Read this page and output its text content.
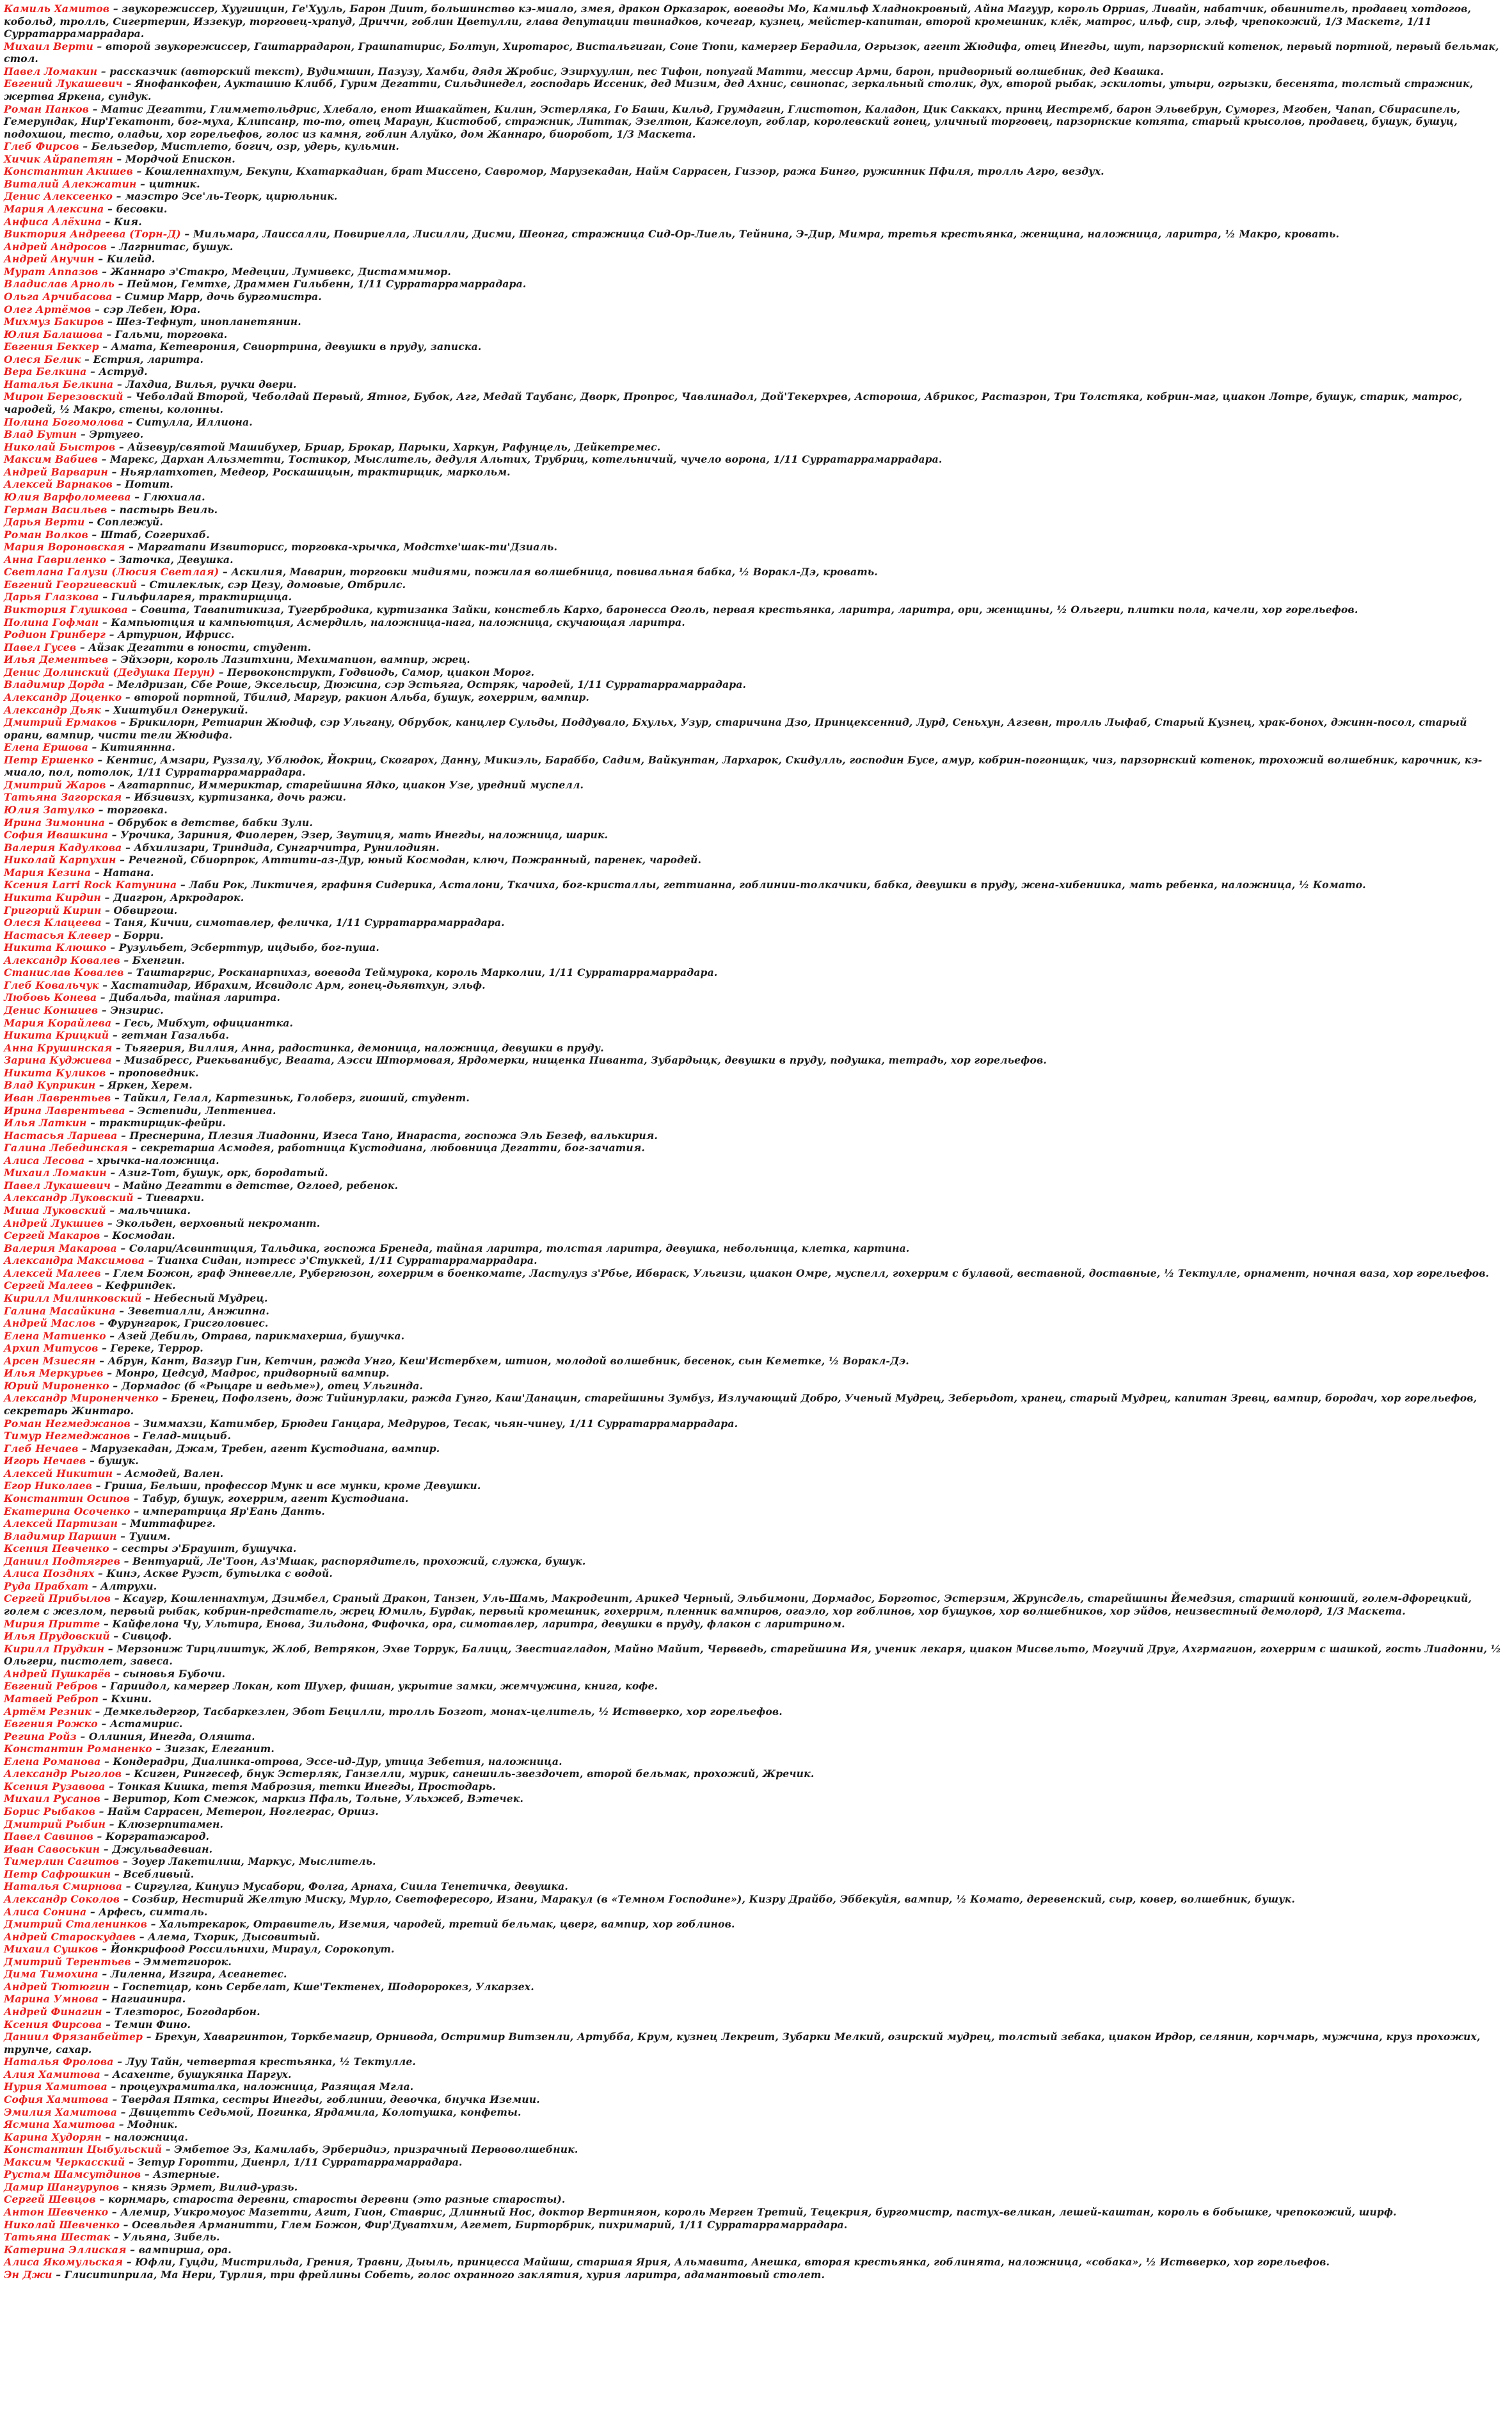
Камиль Хамитов – звукорежиссер, Хуугиицин, Ге'Хууль, Барон Диит, большинство кэ-миало, змея, дракон Орказарок, воеводы Мо, Камильф Хладнокровный, Айна Магуур, король Орриаs, Ливайн, набатчик, обвинитель, продавец хотдогов, кобольд, тролль, Сигертерин, Иззекур, торговец-храпуд, Дриччн, гоблин Цветулли, глава депутации твинадков, кочегар, кузнец, мейстер-капитан, второй кромешник, клёк, матрос, ильф, сир, эльф, чрепокожий, 1/3 Маскетг, 1/11 Сурратаррамаррадара.

Михаил Верти – второй звукорежиссер, Гаштаррадарон, Грашпатирис, Болтун, Хиротарос, Вистальгиган, Соне Тюпи, камергер Берадила, Огрызок, агент Жюдифа, отец Инегды, шут, парзорнский котенок, первый портной, первый бельмак, стол.

Павел Ломакин – рассказчик (авторский текст), Вудимшин, Пазузу, Хамби, дядя Жробис, Эзирхуулин, пес Тифон, попугай Матти, мессир Арми, барон, придворный волшебник, дед Квашка.

Евгений Лукашевич – Янофанкофен, Аукташию Клибб, Гурим Дегатти, Сильдинедел, господарь Иссеник, дед Мизим, дед Ахнис, свинопас, зеркальный столик, дух, второй рыбак, эскилоты, утыри, огрызки, бесенята, толстый стражник, жертва Яркена, сундук.

Роман Панков – Матис Дегатти, Глимметольдрис, Хлебало, енот Ишакайтен, Килин, Эстерляка, Го Баши, Кильд, Грумдагин, Глистотон, Каладон, Цик Саккакх, принц Иестремб, барон Эльвебрун, Суморез, Мгобен, Чапап, Сбирасипель, Гемерундак, Нир'Гекатонт, бог-муха, Клипсанр, то-то, отец Мараун, Кистобоб, стражник, Литтак, Эзелтон, Кажелоуп, гоблар, королевский гонец, уличный торговец, парзорнские котята, старый крысолов, продавец, бушук, бушуц, подохшои, тесто, оладьи, хор горельефов, голос из камня, гоблин Алуйко, дом Жаннаро, биоробот, 1/3 Маскета.

Глеб Фирсов – Бельзедор, Мистлето, богич, озр, удерь, кульмин.

Хичик Айрапетян – Мордчой Епискон.

Константин Акишев – Кошленнахтум, Бекупи, Кхатаркадиан, брат Миссено, Савромор, Марузекадан, Найм Саррасен, Гизэор, ража Бинго, ружинник Пфиля, тролль Агро, вездух.

Виталий Алекжатин – цитник.

Денис Алексеенко – маэстро Эсе'ль-Теорк, цирюльник.

Мария Алексина – бесовки.

Анфиса Алёхина – Кия.

Виктория Андреева (Торн-Д) – Мильмара, Лаиссалли, Повириелла, Лисилли, Дисми, Шеонга, стражница Сид-Ор-Лиель, Тейнина, Э-Дир, Мимра, третья крестьянка, женщина, наложница, ларитра, ½ Макро, кровать.

Андрей Андросов – Лагрнитас, бушук.

Андрей Анучин – Килейд.

Мурат Аппазов – Жаннаро э'Стакро, Медеции, Лумивекс, Дистаммимор.

Владислав Арноль – Пеймон, Гемтхе, Драммен Гильбенн, 1/11 Сурратаррамаррадара.

Ольга Арчибасова – Симир Марр, дочь бургомистра.

Олег Артёмов – сэр Лебен, Юра.

Михмуз Бакиров – Шез-Тефнут, инопланетянин.

Юлия Балашова – Гальми, торговка.

Евгения Беккер – Амата, Кетеврония, Свиортрина, девушки в пруду, записка.

Олеся Белик – Естрия, ларитра.

Вера Белкина – Аструд.

Наталья Белкина – Лахдиа, Вилья, ручки двери.

Мирон Березовский – Чеболдай Второй, Чеболдай Первый, Ятног, Бубок, Агг, Медай Таубанс, Дворк, Пропрос, Чавлинадол, Дой'Текерхрев, Астороша, Абрикос, Растазрон, Три Толстяка, кобрин-маг, циакон Лотре, бушук, старик, матрос, чародей, ½ Макро, стены, колонны.

Полина Богомолова – Ситулла, Иллиона.

Влад Бутин – Эртугео.

Николай Быстров – Айзевур/святой Машибухер, Бриар, Брокар, Парыки, Харкун, Рафунцель, Дейкетремес.

Максим Вабиев – Марекс, Дархан Альзметти, Тостикор, Мыслитель, дедуля Альтих, Трубриц, котельничий, чучело ворона, 1/11 Сурратаррамаррадара.

Андрей Варварин – Ньярлатхотеп, Медеор, Роскашицын, трактирщик, маркольм.

Алексей Варнаков – Потит.

Юлия Варфоломеева – Глюхиала.

Герман Васильев – пастырь Веиль.

Дарья Верти – Соплежуй.

Роман Волков – Штаб, Согерихаб.

Мария Вороновская – Маргатапи Извиторисс, торговка-хрычка, Модстхе'шак-ти'Дзиаль.

Анна Гавриленко – Заточка, Девушка.

Светлана Галузи (Люсия Светлая) – Аскилия, Маварин, торговки мидиями, пожилая волшебница, повивальная бабка, ½ Воракл-Дэ, кровать.

Евгений Георгиевский – Стилеклык, сэр Цезу, домовые, Отбрилс.

Дарья Глазкова – Гильфиларея, трактирщица.

Виктория Глушкова – Совита, Тавапитикиза, Тугербродика, куртизанка Зайки, констебль Кархо, баронесса Оголь, первая крестьянка, ларитра, ларитра, ори, женщины, ½ Ольгери, плитки пола, качели, хор горельефов.

Полина Гофман – Кампьютция и кампьютция, Асмердиль, наложница-нага, наложница, скучающая ларитра.

Родион Гринберг – Артурион, Ифрисс.

Павел Гусев – Айзак Дегатти в юности, студент.

Илья Дементьев – Эйхэорн, король Лазитхини, Мехимапион, вампир, жрец.

Денис Долинский (Дедушка Перун) – Первоконструкт, Годвиодь, Самор, циакон Морог.

Владимир Дорда – Мелдризан, Сбе Роше, Эксельсир, Дюжина, сэр Эстьяга, Остряк, чародей, 1/11 Сурратаррамаррадара.

Александр Доценко – второй портной, Тбилид, Маргур, ракион Альба, бушук, гохеррим, вампир.

Александр Дьяк – Хиштубил Огнерукий.

Дмитрий Ермаков – Брикилорн, Ретиарин Жюдиф, сэр Ульгану, Обрубок, канцлер Сульды, Поддувало, Бхульх, Узур, старичина Дзо, Принцексеннид, Лурд, Сеньхун, Агзевн, тролль Лыфаб, Старый Кузнец, храк-бонох, джинн-посол, старый орани, вампир, чисти тели Жюдифа.

Елена Ершова – Китияннна.

Петр Ершенко – Кентис, Амзари, Руззалу, Ублюдок, Йокриц, Скогарох, Данну, Микиэль, Бараббо, Садим, Вайкунтан, Лархарок, Скидулль, господин Бусе, амур, кобрин-погонщик, чиз, парзорнский котенок, трохожий волшебник, карочник, кэ-миало, пол, потолок, 1/11 Сурратаррамаррадара.

Дмитрий Жаров – Агатарппис, Иммериктар, старейшина Ядко, циакон Узе, уредний муспелл.

Татьяна Загорская – Ибзивизх, куртизанка, дочь ражи.

Юлия Затулко – торговка.

Ирина Зимонина – Обрубок в детстве, бабки Зули.

София Ивашкина – Урочика, Зариния, Фиолерен, Эзер, Звутиця, мать Инегды, наложница, шарик.

Валерия Кадулкова – Абхилизари, Триндида, Сунгарчитра, Рунилодиян.

Николай Карпухин – Речегной, Сбиорпрок, Аттити-аз-Дур, юный Космодан, ключ, Пожранный, паренек, чародей.

Мария Кезина – Натана.

Ксения Larri Rock Катунина – Лаби Рок, Ликтичея, графиня Сидерика, Асталони, Ткачиха, бог-кристаллы, геттианна, гоблинии-толкачики, бабка, девушки в пруду, жена-хибениика, мать ребенка, наложница, ½ Комато.

Никита Кирдин – Диагрон, Аркродарок.

Григорий Кирин – Обвиргош.

Олеся Клацеева – Таня, Кичии, симотавлер, феличка, 1/11 Сурратаррамаррадара.

Настасья Клевер – Борри.

Никита Клюшко – Рузульбет, Эсберттур, ицдыбо, бог-пуша.

Александр Ковалев – Бхенгин.

Станислав Ковалев – Таштаргрис, Росканарпихаз, воевода Теймурока, король Марколии, 1/11 Сурратаррамаррадара.

Глеб Ковальчук – Хастатидар, Ибрахим, Исвидолс Арм, гонец-дьявтхун, эльф.

Любовь Конева – Дибальда, тайная ларитра.

Денис Коншиев – Энзирис.

Мария Корайлева – Гесь, Мибхут, официантка.

Никита Крицкий – гетман Газальба.

Анна Крушинская – Тьягерия, Виллия, Анна, радостинка, демоница, наложница, девушки в пруду.

Зарина Куджиева – Мизабресс, Риекьванибус, Веаата, Аэсси Штормовая, Ярдомерки, нищенка Пиванта, Зубардыцк, девушки в пруду, подушка, тетрадь, хор горельефов.

Никита Куликов – проповедник.

Влад Куприкин – Яркен, Херем.

Иван Лаврентьев – Тайкил, Гелал, Картезиньк, Голоберз, гиоший, студент.

Ирина Лаврентьева – Эстепиди, Лептениеа.

Илья Латкин – трактирщик-фейри.

Настасья Лариева – Преснерина, Плезия Лиадонни, Изеса Тано, Инараста, госпожа Эль Безеф, валькирия.

Галина Лебединская – секретарша Асмодея, работница Кустодиана, любовница Дегатти, бог-зачатия.

Алиса Лесова – хрычка-наложница.

Михаил Ломакин – Азиг-Тот, бушук, орк, бородатый.

Павел Лукашевич – Майно Дегатти в детстве, Оглоед, ребенок.

Александр Луковский – Тиевархи.

Миша Луковский – мальчишка.

Андрей Лукшиев – Экольден, верховный некромант.

Сергей Макаров – Космодан.

Валерия Макарова – Солари/Асвинтиция, Тальдика, госпожа Бренеда, тайная ларитра, толстая ларитра, девушка, небольница, клетка, картина.

Александра Максимова – Тианха Сидан, нэтресс э'Стуккей, 1/11 Сурратаррамаррадара.

Алексей Малеев – Глем Божон, граф Энневелле, Рубергюзон, гохеррим в боенкомате, Ластулуз з'Рбье, Ибвраск, Ульгизи, циакон Омре, муспелл, гохеррим с булавой, веставной, доставные, ½ Тектулле, орнамент, ночная ваза, хор горельефов.

Сергей Малеев – Кефриндек.

Кирилл Милинковский – Небесный Мудрец.

Галина Масайкина – Зеветиалли, Анжипна.

Андрей Маслов – Фурунгарок, Грисголовиес.

Елена Матиенко – Азей Дебиль, Отрава, парикмахерша, бушучка.

Архип Митусов – Гереке, Террор.

Арсен Мзиесян – Абрун, Кант, Вазгур Гин, Кетчин, ражда Унго, Кеш'Истербхем, штион, молодой волшебник, бесенок, сын Кеметке, ½ Воракл-Дэ.

Илья Меркурьев – Монро, Цедсуд, Мадрос, придворный вампир.

Юрий Мироненко – Дормадос (б «Рыцаре и ведьме»), отец Ульгинда.

Александр Мироненченко – Бренец, Пофолзень, дож Тийинурлаки, ражда Гунго, Каш'Данацин, старейшины Зумбуз, Излучающий Добро, Ученый Мудрец, Зеберьдот, хранец, старый Мудрец, капитан Зревц, вампир, бородач, хор горельефов, секретарь Жинтаро.

Роман Негмеджанов – Зиммахзи, Катимбер, Брюдеи Ганцара, Медруров, Тесак, чьян-чинеу, 1/11 Сурратаррамаррадара.

Тимур Негмеджанов – Гелад-мицьиб.

Глеб Нечаев – Марузекадан, Джам, Требен, агент Кустодиана, вампир.

Игорь Нечаев – бушук.

Алексей Никитин – Асмодей, Вален.

Егор Николаев – Гриша, Бельши, профессор Мунк и все мунки, кроме Девушки.

Константин Осипов – Табур, бушук, гохеррим, агент Кустодиана.

Екатерина Осоченко – императрица Яр'Еань Данть.

Алексей Партизан – Миттафирег.

Владимир Паршин – Туиим.

Ксения Певченко – сестры э'Брауинт, бушучка.

Даниил Подтягрев – Вентуарий, Ле'Тоон, Аз'Мшак, распорядитель, прохожий, служка, бушук.

Алиса Позднях – Кинэ, Аскве Руэст, бутылка с водой.

Руда Прабхат – Алтрухи.

Сергей Прибылов – Ксаугр, Кошленнахтум, Дзимбел, Сраный Дракон, Танзен, Уль-Шамь, Макродеинт, Арикед Черный, Эльбимони, Дормадос, Борготос, Эстерзим, Жрунсдель, старейшины Йемедзия, старший конюший, голем-дфорецкий, голем с жезлом, первый рыбак, кобрин-предстатель, жрец Юмиль, Бурдак, первый кромешник, гохеррим, пленник вампиров, огаэло, хор гоблинов, хор бушуков, хор волшебников, хор эйдов, неизвестный демолорд, 1/3 Маскета.

Мирия Притте – Кайфелона Чу, Ультира, Енова, Зильдона, Фифочка, ора, симотавлер, ларитра, девушки в пруду, флакон с ларитрином.

Илья Прудовский – Сивцоф.

Кирилл Прудкин – Мерзониж Тирцлиштук, Жлоб, Ветрякон, Эхве Торрук, Балицц, Звестиагладон, Майно Майит, Червведь, старейшина Ия, ученик лекаря, циакон Мисвельто, Могучий Друг, Ахгрмагион, гохеррим с шашкой, гость Лиадонни, ½ Ольгери, пистолет, завеса.

Андрей Пушкарёв – сыновья Бубочи.

Евгений Ребров – Гариидол, камергер Локан, кот Шухер, фишан, укрытие замки, жемчужина, книга, кофе.

Матвей Реброп – Кхини.

Артём Резник – Демкельдергор, Тасбаркезлен, Эбот Бецилли, тролль Бозгот, монах-целитель, ½ Иствверко, хор горельефов.

Евгения Рожко – Астамирис.

Регина Ройз – Оллиния, Инегда, Оляшта.

Константин Романенко – Зигзак, Елеганит.

Елена Романова – Кондерадри, Диалинка-отрова, Эссе-ид-Дур, утица Зебетия, наложница.

Александр Рыголов – Ксиген, Рингесеф, бнук Эстерляк, Ганзелли, мурик, санешиль-звездочет, второй бельмак, прохожий, Жречик.

Ксения Рузавова – Тонкая Кишка, тетя Маброзия, тетки Инегды, Простодарь.

Михаил Русанов – Веритор, Кот Смежок, маркиз Пфаль, Тольне, Ульхжеб, Вэтечек.

Борис Рыбаков – Найм Саррасен, Метерон, Ноглеграс, Орииз.

Дмитрий Рыбин – Клюзерпитамен.

Павел Савинов – Коргратажарод.

Иван Савоськин – Джульвадевиан.

Тимерлин Сагитов – Зоуер Лакетилиш, Маркус, Мыслитель.

Петр Сафрошкин – Всебливый.

Наталья Смирнова – Сиргулга, Кинуиэ Мусабори, Фолга, Арнаха, Сиила Тенетичка, девушка.

Александр Соколов – Созбир, Нестирий Желтую Миску, Мурло, Светофересоро, Изани, Маракул (в «Темном Господине»), Кизру Драйбо, Эббекуйя, вампир, ½ Комато, деревенский, сыр, ковер, волшебник, бушук.

Алиса Сонина – Арфесь, симталь.

Дмитрий Сталенинков – Хальтрекарок, Отравитель, Иземия, чародей, третий бельмак, цверг, вампир, хор гоблинов.

Андрей Староскудаев – Алема, Тхорик, Дысовитый.

Михаил Сушков – Йонкрифоод Россильнихи, Мираул, Сорокопут.

Дмитрий Терентьев – Эмметгиорок.

Дима Тимохина – Лиленна, Изгира, Асеанетес.

Андрей Тютюгин – Госпетцар, конь Сербелат, Кше'Тектенех, Шодоророкез, Улкарзех.

Марина Умнова – Нагиаинира.

Андрей Финагин – Тлезторос, Богодарбон.

Ксения Фирсова – Темин Фино.

Даниил Фрязанбейтер – Брехун, Хаваргинтон, Торкбемагир, Орнивода, Остримир Витзенли, Артубба, Крум, кузнец Лекреит, Зубарки Мелкий, озирский мудрец, толстый зебака, циакон Ирдор, селянин, корчмарь, мужчина, круз прохожих, трупче, сахар.

Наталья Фролова – Луу Тайн, четвертая крестьянка, ½ Тектулле.

Алия Хамитова – Асахенте, бушукянка Паргух.

Нурия Хамитова – процеухрамиталка, наложница, Разящая Мгла.

София Хамитова – Твердая Пятка, сестры Инегды, гоблинии, девочка, бнучка Иземии.

Эмилия Хамитова – Двицетть Седьмой, Погинка, Ярдамила, Колотушка, конфеты.

Ясмина Хамитова – Модник.

Карина Худорян – наложница.

Константин Цыбульский – Эмбетое Эз, Камилабь, Эрберидиэ, призрачный Первоволшебник.

Максим Черкасский – Зетур Горотти, Диенрл, 1/11 Сурратаррамаррадара.

Рустам Шамсутдинов – Азтерные.

Дамир Шангурупов – князь Эрмет, Вилид-уразь.

Сергей Шевцов – корнмарь, староста деревни, старосты деревни (это разные старосты).

Антон Шевченко – Алемир, Уикромоуос Мазетти, Агит, Гион, Ставрис, Длинный Нос, доктор Вертиняон, король Мерген Третий, Тецекрия, бургомистр, пастух-великан, лешей-каштан, король в бобышке, чрепокожий, ширф.

Николай Шевченко – Осевльдея Арманитти, Глем Божон, Фир'Дуватхим, Агемет, Бирторбрик, пихримарий, 1/11 Сурратаррамаррадара.

Татьяна Шестак – Ульяна, Зибель.

Катерина Эллиская – вампирша, ора.

Алиса Якомульская – Юфли, Гуцди, Мистрильда, Грения, Травни, Дыыль, принцесса Майшш, старшая Ярия, Альмавита, Анешка, вторая крестьянка, гоблинята, наложница, «собака», ½ Иствверко, хор горельефов.

Эн Джи – Глиситиприла, Ма Нери, Турлия, три фрейлины Собеть, голос охранного заклятия, хурия ларитра, адамантовый столет.
